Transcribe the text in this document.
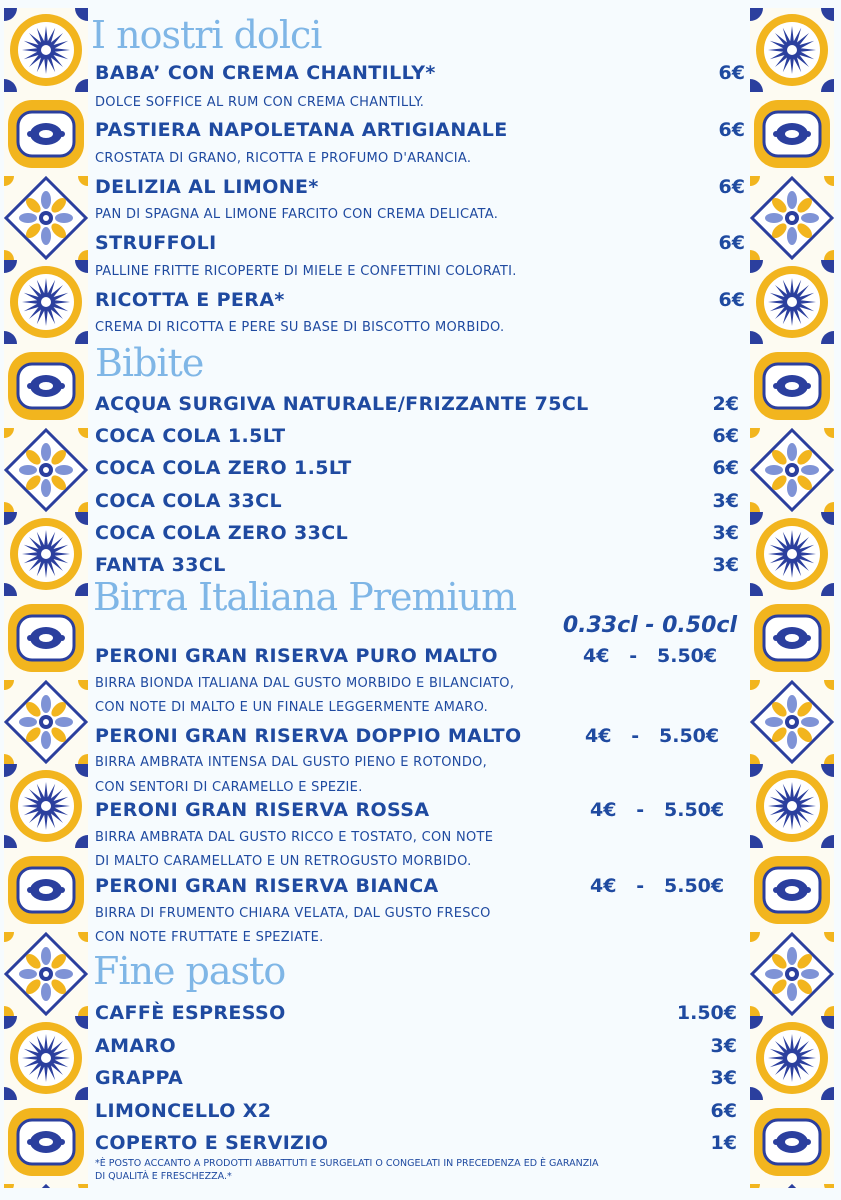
I nostri dolci
BABA’ CON CREMA CHANTILLY*	6€
DOLCE SOFFICE AL RUM CON CREMA CHANTILLY.
PASTIERA NAPOLETANA ARTIGIANALE	6€
CROSTATA DI GRANO, RICOTTA E PROFUMO D'ARANCIA.
DELIZIA AL LIMONE*	6€
PAN DI SPAGNA AL LIMONE FARCITO CON CREMA DELICATA.
STRUFFOLI	6€
PALLINE FRITTE RICOPERTE DI MIELE E CONFETTINI COLORATI.
RICOTTA E PERA*	6€
CREMA DI RICOTTA E PERE SU BASE DI BISCOTTO MORBIDO.
Bibite
ACQUA SURGIVA NATURALE/FRIZZANTE 75CL	2€
COCA COLA 1.5LT	6€
COCA COLA ZERO 1.5LT	6€
COCA COLA 33CL	3€
COCA COLA ZERO 33CL	3€
FANTA 33CL	3€
Birra Italiana Premium
0.33cl - 0.50cl
PERONI GRAN RISERVA PURO MALTO	4€   -   5.50€
BIRRA BIONDA ITALIANA DAL GUSTO MORBIDO E BILANCIATO,
CON NOTE DI MALTO E UN FINALE LEGGERMENTE AMARO.
PERONI GRAN RISERVA DOPPIO MALTO	4€   -   5.50€
BIRRA AMBRATA INTENSA DAL GUSTO PIENO E ROTONDO,
CON SENTORI DI CARAMELLO E SPEZIE.
PERONI GRAN RISERVA ROSSA	4€   -   5.50€
BIRRA AMBRATA DAL GUSTO RICCO E TOSTATO, CON NOTE
DI MALTO CARAMELLATO E UN RETROGUSTO MORBIDO.
PERONI GRAN RISERVA BIANCA	4€   -   5.50€
BIRRA DI FRUMENTO CHIARA VELATA, DAL GUSTO FRESCO
CON NOTE FRUTTATE E SPEZIATE.
Fine pasto
CAFFÈ ESPRESSO	1.50€
AMARO	3€
GRAPPA	3€
LIMONCELLO X2	6€
COPERTO E SERVIZIO	1€
*È POSTO ACCANTO A PRODOTTI ABBATTUTI E SURGELATI O CONGELATI IN PRECEDENZA ED È GARANZIA
DI QUALITÀ E FRESCHEZZA.*
